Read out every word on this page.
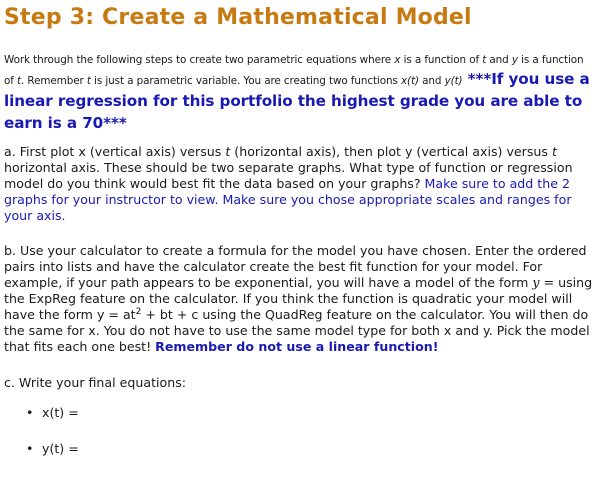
Step 3: Create a Mathematical Model

Work through the following steps to create two parametric equations where x is a function of t and y is a function of t. Remember t is just a parametric variable. You are creating two functions x(t) and y(t) ***If you use a linear regression for this portfolio the highest grade you are able to earn is a 70***

a. First plot x (vertical axis) versus t (horizontal axis), then plot y (vertical axis) versus t horizontal axis. These should be two separate graphs. What type of function or regression model do you think would best fit the data based on your graphs? Make sure to add the 2 graphs for your instructor to view. Make sure you chose appropriate scales and ranges for your axis.

b. Use your calculator to create a formula for the model you have chosen. Enter the ordered pairs into lists and have the calculator create the best fit function for your model. For example, if your path appears to be exponential, you will have a model of the form y = using the ExpReg feature on the calculator. If you think the function is quadratic your model will have the form $y = at^2$ + bt + c using the QuadReg feature on the calculator. You will then do the same for x. You do not have to use the same model type for both x and y. Pick the model that fits each one best! Remember do not use a linear function!

c. Write your final equations:

• x(t) =
• y(t) =
